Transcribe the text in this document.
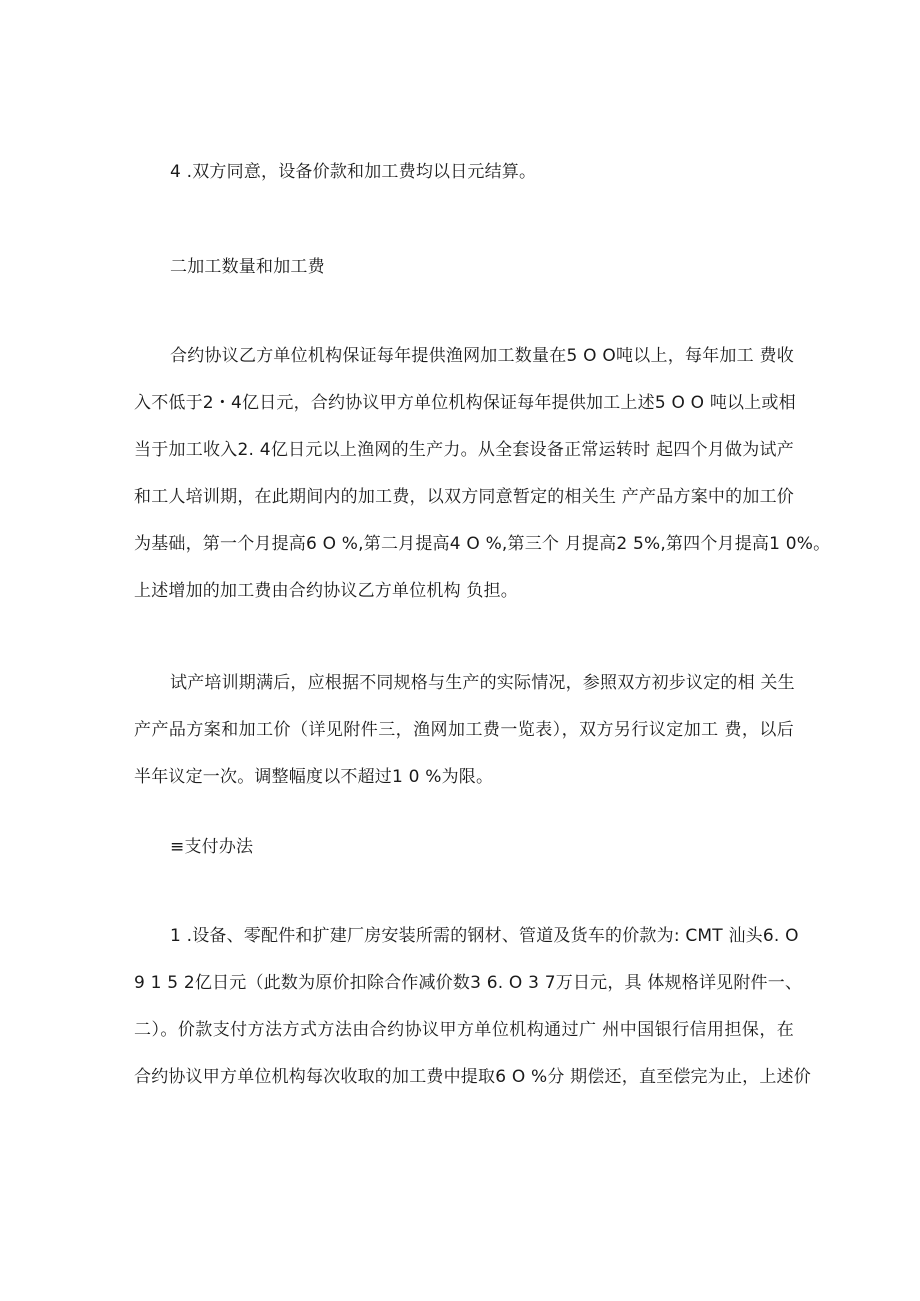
4 .双方同意，设备价款和加工费均以日元结算。
二加工数量和加工费
合约协议乙方单位机构保证每年提供渔网加工数量在5 O O吨以上，每年加工 费收
入不低于2・4亿日元，合约协议甲方单位机构保证每年提供加工上述5 O O 吨以上或相
当于加工收入2. 4亿日元以上渔网的生产力。从全套设备正常运转时 起四个月做为试产
和工人培训期，在此期间内的加工费，以双方同意暂定的相关生 产产品方案中的加工价
为基础，第一个月提高6 O %,第二月提高4 O %,第三个 月提高2 5%,第四个月提高1 0%。
上述增加的加工费由合约协议乙方单位机构 负担。
试产培训期满后，应根据不同规格与生产的实际情况，参照双方初步议定的相 关生
产产品方案和加工价（详见附件三，渔网加工费一览表），双方另行议定加工 费，以后
半年议定一次。调整幅度以不超过1 0 %为限。
≡支付办法
1 .设备、零配件和扩建厂房安装所需的钢材、管道及货车的价款为: CMT 汕头6. O
9 1 5 2亿日元（此数为原价扣除合作减价数3 6. O 3 7万日元，具 体规格详见附件一、
二）。价款支付方法方式方法由合约协议甲方单位机构通过广 州中国银行信用担保，在
合约协议甲方单位机构每次收取的加工费中提取6 O %分 期偿还，直至偿完为止，上述价
